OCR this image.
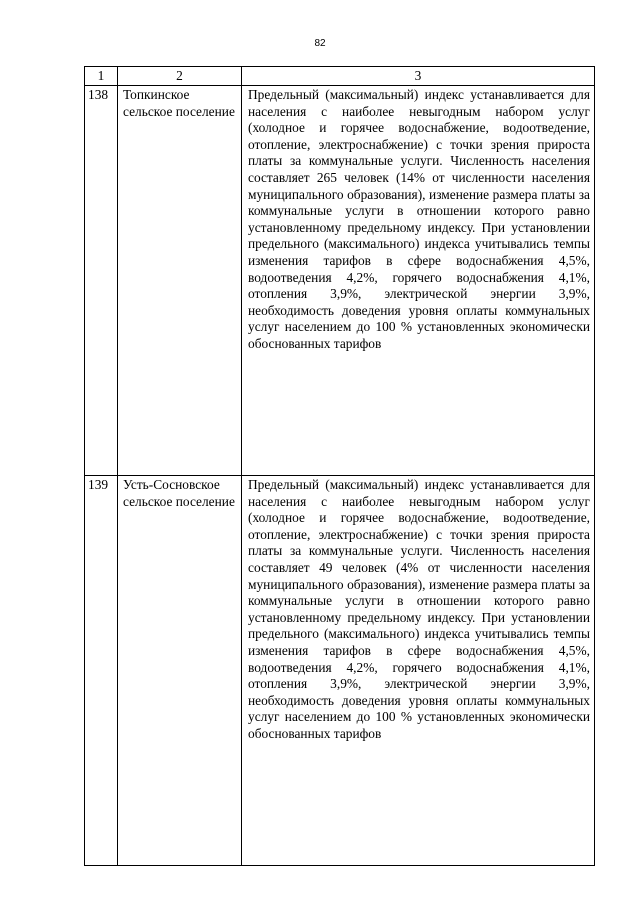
82
1	2	3
138	Топкинское сельское поселение	Предельный (максимальный) индекс устанавливается для населения с наиболее невыгодным набором услуг (холодное и горячее водоснабжение, водоотведение, отопление, электроснабжение) с точки зрения прироста платы за коммунальные услуги. Численность населения составляет 265 человек (14% от численности населения муниципального образования), изменение размера платы за коммунальные услуги в отношении которого равно установленному предельному индексу. При установлении предельного (максимального) индекса учитывались темпы изменения тарифов в сфере водоснабжения 4,5%, водоотведения 4,2%, горячего водоснабжения 4,1%, отопления 3,9%, электрической энергии 3,9%, необходимость доведения уровня оплаты коммунальных услуг населением до 100 % установленных экономически обоснованных тарифов
139	Усть-Сосновское сельское поселение	Предельный (максимальный) индекс устанавливается для населения с наиболее невыгодным набором услуг (холодное и горячее водоснабжение, водоотведение, отопление, электроснабжение) с точки зрения прироста платы за коммунальные услуги. Численность населения составляет 49 человек (4% от численности населения муниципального образования), изменение размера платы за коммунальные услуги в отношении которого равно установленному предельному индексу. При установлении предельного (максимального) индекса учитывались темпы изменения тарифов в сфере водоснабжения 4,5%, водоотведения 4,2%, горячего водоснабжения 4,1%, отопления 3,9%, электрической энергии 3,9%, необходимость доведения уровня оплаты коммунальных услуг населением до 100 % установленных экономически обоснованных тарифов
